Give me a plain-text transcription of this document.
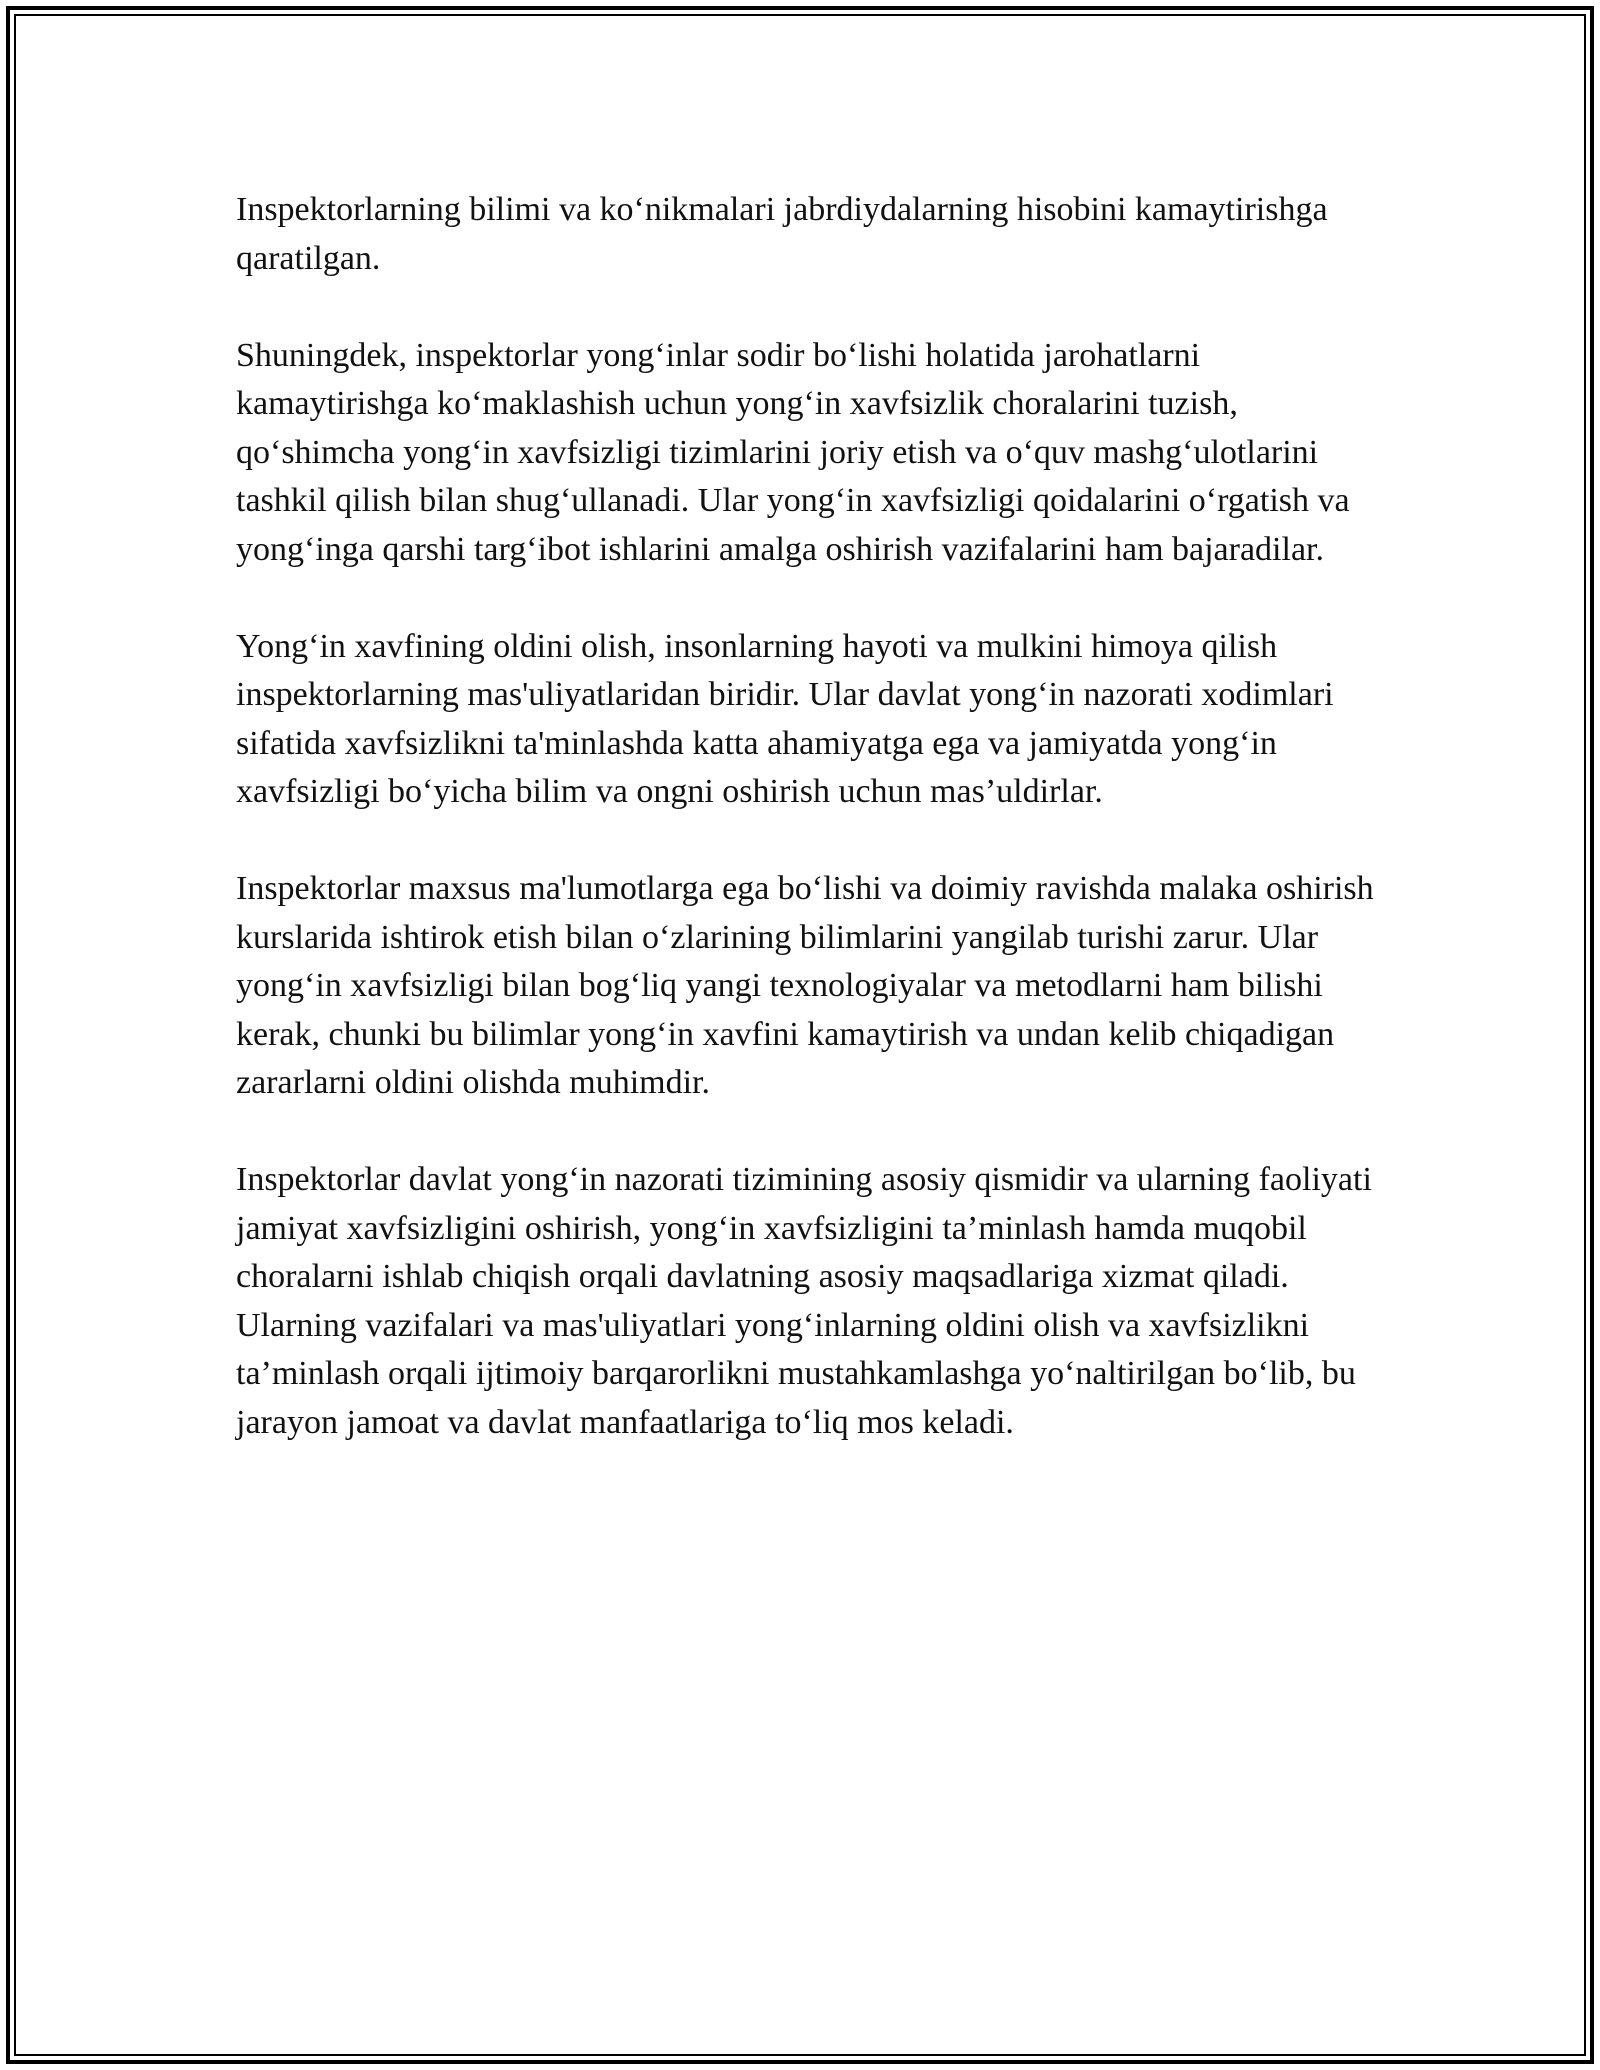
Inspektorlarning bilimi va ko‘nikmalari jabrdiydalarning hisobini kamaytirishga qaratilgan.

Shuningdek, inspektorlar yong‘inlar sodir bo‘lishi holatida jarohatlarni kamaytirishga ko‘maklashish uchun yong‘in xavfsizlik choralarini tuzish, qo‘shimcha yong‘in xavfsizligi tizimlarini joriy etish va o‘quv mashg‘ulotlarini tashkil qilish bilan shug‘ullanadi. Ular yong‘in xavfsizligi qoidalarini o‘rgatish va yong‘inga qarshi targ‘ibot ishlarini amalga oshirish vazifalarini ham bajaradilar.

Yong‘in xavfining oldini olish, insonlarning hayoti va mulkini himoya qilish inspektorlarning mas'uliyatlaridan biridir. Ular davlat yong‘in nazorati xodimlari sifatida xavfsizlikni ta'minlashda katta ahamiyatga ega va jamiyatda yong‘in xavfsizligi bo‘yicha bilim va ongni oshirish uchun mas’uldirlar.

Inspektorlar maxsus ma'lumotlarga ega bo‘lishi va doimiy ravishda malaka oshirish kurslarida ishtirok etish bilan o‘zlarining bilimlarini yangilab turishi zarur. Ular yong‘in xavfsizligi bilan bog‘liq yangi texnologiyalar va metodlarni ham bilishi kerak, chunki bu bilimlar yong‘in xavfini kamaytirish va undan kelib chiqadigan zararlarni oldini olishda muhimdir.

Inspektorlar davlat yong‘in nazorati tizimining asosiy qismidir va ularning faoliyati jamiyat xavfsizligini oshirish, yong‘in xavfsizligini ta’minlash hamda muqobil choralarni ishlab chiqish orqali davlatning asosiy maqsadlariga xizmat qiladi. Ularning vazifalari va mas'uliyatlari yong‘inlarning oldini olish va xavfsizlikni ta’minlash orqali ijtimoiy barqarorlikni mustahkamlashga yo‘naltirilgan bo‘lib, bu jarayon jamoat va davlat manfaatlariga to‘liq mos keladi.
